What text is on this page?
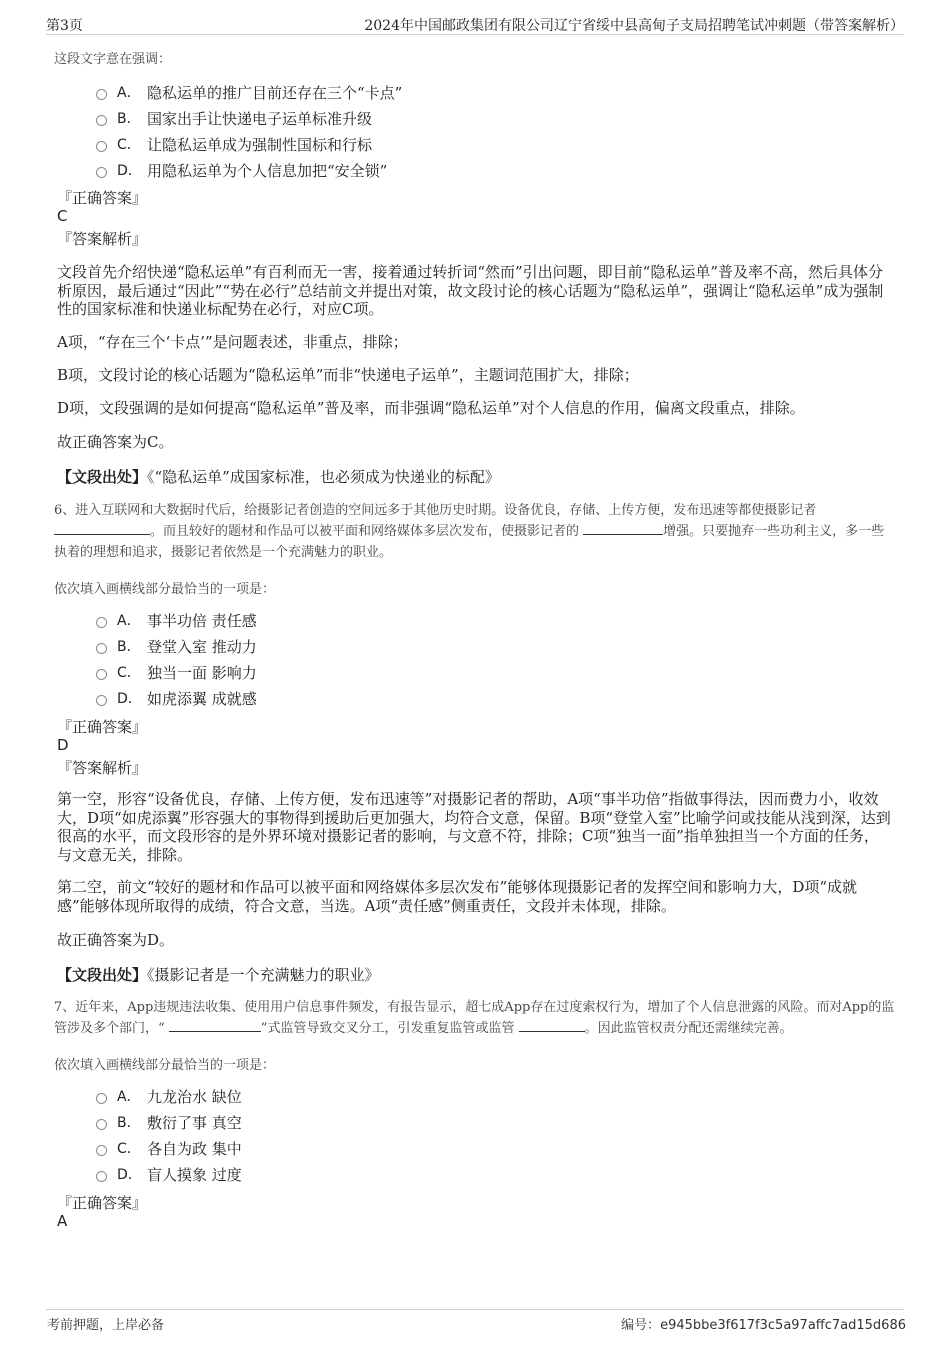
第3页	2024年中国邮政集团有限公司辽宁省绥中县高甸子支局招聘笔试冲刺题（带答案解析）
这段文字意在强调：
A． 隐私运单的推广目前还存在三个“卡点”
B． 国家出手让快递电子运单标准升级
C． 让隐私运单成为强制性国标和行标
D． 用隐私运单为个人信息加把“安全锁”
『正确答案』
C
『答案解析』
文段首先介绍快递“隐私运单”有百利而无一害，接着通过转折词“然而”引出问题，即目前“隐私运单”普及率不高，然后具体分析原因，最后通过“因此”“势在必行”总结前文并提出对策，故文段讨论的核心话题为“隐私运单”，强调让“隐私运单”成为强制性的国家标准和快递业标配势在必行，对应C项。
A项，“存在三个‘卡点’”是问题表述，非重点，排除；
B项，文段讨论的核心话题为“隐私运单”而非“快递电子运单”，主题词范围扩大，排除；
D项，文段强调的是如何提高“隐私运单”普及率，而非强调“隐私运单”对个人信息的作用，偏离文段重点，排除。
故正确答案为C。
【文段出处】《“隐私运单”成国家标准，也必须成为快递业的标配》
6、进入互联网和大数据时代后，给摄影记者创造的空间远多于其他历史时期。设备优良，存储、上传方便，发布迅速等都使摄影记者
。而且较好的题材和作品可以被平面和网络媒体多层次发布，使摄影记者的	增强。只要抛弃一些功利主义，多一些执着的理想和追求，摄影记者依然是一个充满魅力的职业。
依次填入画横线部分最恰当的一项是：
A． 事半功倍 责任感
B． 登堂入室 推动力
C． 独当一面 影响力
D． 如虎添翼 成就感
『正确答案』
D
『答案解析』
第一空，形容“设备优良，存储、上传方便，发布迅速等”对摄影记者的帮助，A项“事半功倍”指做事得法，因而费力小，收效大，D项“如虎添翼”形容强大的事物得到援助后更加强大，均符合文意，保留。B项“登堂入室”比喻学问或技能从浅到深，达到很高的水平，而文段形容的是外界环境对摄影记者的影响，与文意不符，排除；C项“独当一面”指单独担当一个方面的任务，与文意无关，排除。
第二空，前文“较好的题材和作品可以被平面和网络媒体多层次发布”能够体现摄影记者的发挥空间和影响力大，D项“成就感”能够体现所取得的成绩，符合文意，当选。A项“责任感”侧重责任，文段并未体现，排除。
故正确答案为D。
【文段出处】《摄影记者是一个充满魅力的职业》
7、近年来，App违规违法收集、使用用户信息事件频发，有报告显示，超七成App存在过度索权行为，增加了个人信息泄露的风险。而对App的监管涉及多个部门，“	”式监管导致交叉分工，引发重复监管或监管	。因此监管权责分配还需继续完善。
依次填入画横线部分最恰当的一项是：
A． 九龙治水 缺位
B． 敷衍了事 真空
C． 各自为政 集中
D． 盲人摸象 过度
『正确答案』
A
考前押题，上岸必备	编号：e945bbe3f617f3c5a97affc7ad15d686
